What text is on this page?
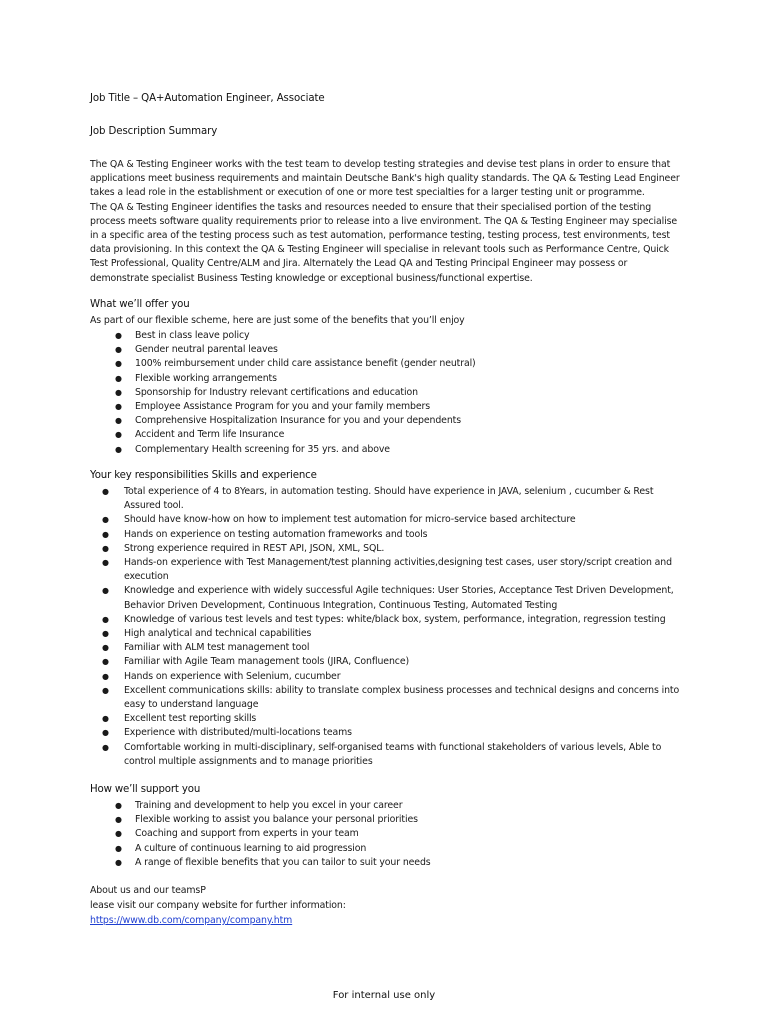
Job Title – QA+Automation Engineer, Associate
Job Description Summary

The QA & Testing Engineer works with the test team to develop testing strategies and devise test plans in order to ensure that applications meet business requirements and maintain Deutsche Bank's high quality standards. The QA & Testing Lead Engineer takes a lead role in the establishment or execution of one or more test specialties for a larger testing unit or programme.

The QA & Testing Engineer identifies the tasks and resources needed to ensure that their specialised portion of the testing process meets software quality requirements prior to release into a live environment. The QA & Testing Engineer may specialise in a specific area of the testing process such as test automation, performance testing, testing process, test environments, test data provisioning. In this context the QA & Testing Engineer will specialise in relevant tools such as Performance Centre, Quick Test Professional, Quality Centre/ALM and Jira. Alternately the Lead QA and Testing Principal Engineer may possess or demonstrate specialist Business Testing knowledge or exceptional business/functional expertise.

What we’ll offer you
As part of our flexible scheme, here are just some of the benefits that you’ll enjoy
● Best in class leave policy
● Gender neutral parental leaves
● 100% reimbursement under child care assistance benefit (gender neutral)
● Flexible working arrangements
● Sponsorship for Industry relevant certifications and education
● Employee Assistance Program for you and your family members
● Comprehensive Hospitalization Insurance for you and your dependents
● Accident and Term life Insurance
● Complementary Health screening for 35 yrs. and above
Your key responsibilities Skills and experience
● Total experience of 4 to 8Years, in automation testing. Should have experience in JAVA, selenium , cucumber & Rest Assured tool.
● Should have know-how on how to implement test automation for micro-service based architecture
● Hands on experience on testing automation frameworks and tools
● Strong experience required in REST API, JSON, XML, SQL.
● Hands-on experience with Test Management/test planning activities,designing test cases, user story/script creation and execution
● Knowledge and experience with widely successful Agile techniques: User Stories, Acceptance Test Driven Development, Behavior Driven Development, Continuous Integration, Continuous Testing, Automated Testing
● Knowledge of various test levels and test types: white/black box, system, performance, integration, regression testing
● High analytical and technical capabilities
● Familiar with ALM test management tool
● Familiar with Agile Team management tools (JIRA, Confluence)
● Hands on experience with Selenium, cucumber
● Excellent communications skills: ability to translate complex business processes and technical designs and concerns into easy to understand language
● Excellent test reporting skills
● Experience with distributed/multi-locations teams
● Comfortable working in multi-disciplinary, self-organised teams with functional stakeholders of various levels, Able to control multiple assignments and to manage priorities
How we’ll support you
● Training and development to help you excel in your career
● Flexible working to assist you balance your personal priorities
● Coaching and support from experts in your team
● A culture of continuous learning to aid progression
● A range of flexible benefits that you can tailor to suit your needs
About us and our teamsP
lease visit our company website for further information:
https://www.db.com/company/company.htm
For internal use only
